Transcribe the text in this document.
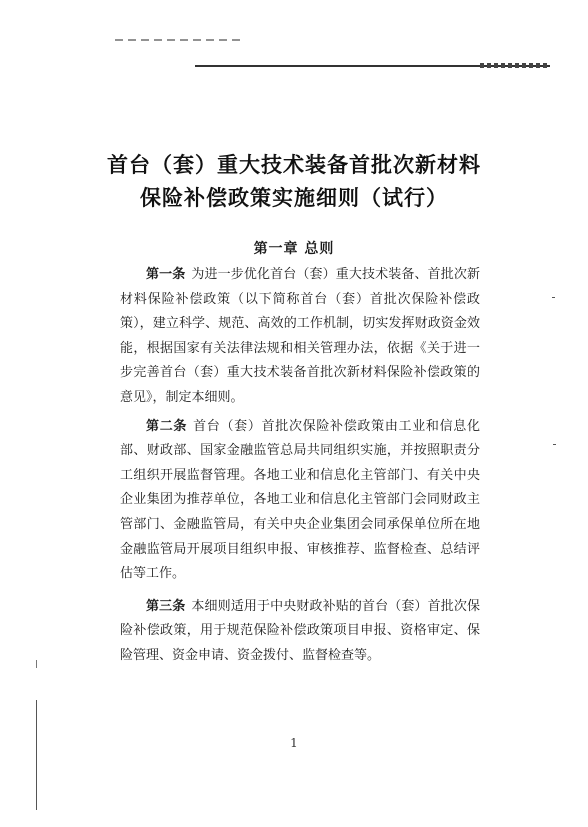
首台（套）重大技术装备首批次新材料
保险补偿政策实施细则（试行）
第一章 总则

第一条 为进一步优化首台（套）重大技术装备、首批次新材料保险补偿政策（以下简称首台（套）首批次保险补偿政策），建立科学、规范、高效的工作机制，切实发挥财政资金效能，根据国家有关法律法规和相关管理办法，依据《关于进一步完善首台（套）重大技术装备首批次新材料保险补偿政策的意见》，制定本细则。

第二条 首台（套）首批次保险补偿政策由工业和信息化部、财政部、国家金融监管总局共同组织实施，并按照职责分工组织开展监督管理。各地工业和信息化主管部门、有关中央企业集团为推荐单位，各地工业和信息化主管部门会同财政主管部门、金融监管局，有关中央企业集团会同承保单位所在地金融监管局开展项目组织申报、审核推荐、监督检查、总结评估等工作。

第三条 本细则适用于中央财政补贴的首台（套）首批次保险补偿政策，用于规范保险补偿政策项目申报、资格审定、保险管理、资金申请、资金拨付、监督检查等。

1
